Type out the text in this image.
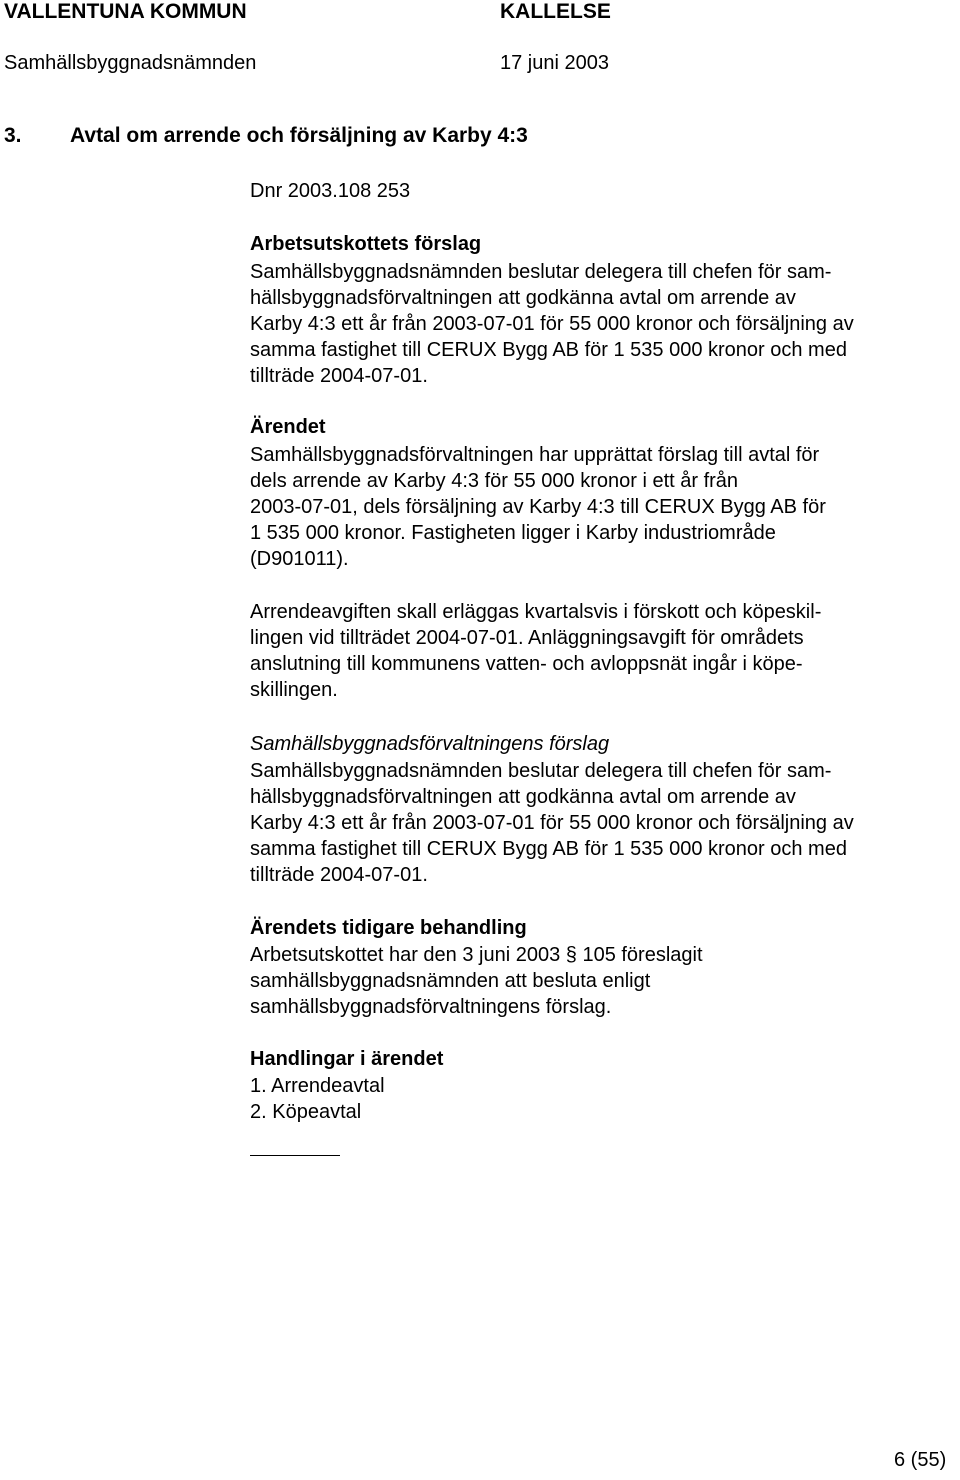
VALLENTUNA KOMMUN	KALLELSE
Samhällsbyggnadsnämnden	17 juni 2003
3. Avtal om arrende och försäljning av Karby 4:3
Dnr 2003.108 253
Arbetsutskottets förslag
Samhällsbyggnadsnämnden beslutar delegera till chefen för sam-
hällsbyggnadsförvaltningen att godkänna avtal om arrende av
Karby 4:3 ett år från 2003-07-01 för 55 000 kronor och försäljning av
samma fastighet till CERUX Bygg AB för 1 535 000 kronor och med
tillträde 2004-07-01.
Ärendet
Samhällsbyggnadsförvaltningen har upprättat förslag till avtal för
dels arrende av Karby 4:3 för 55 000 kronor i ett år från
2003-07-01, dels försäljning av Karby 4:3 till CERUX Bygg AB för
1 535 000 kronor. Fastigheten ligger i Karby industriområde
(D901011).
Arrendeavgiften skall erläggas kvartalsvis i förskott och köpeskil-
lingen vid tillträdet 2004-07-01. Anläggningsavgift för områdets
anslutning till kommunens vatten- och avloppsnät ingår i köpe-
skillingen.
Samhällsbyggnadsförvaltningens förslag
Samhällsbyggnadsnämnden beslutar delegera till chefen för sam-
hällsbyggnadsförvaltningen att godkänna avtal om arrende av
Karby 4:3 ett år från 2003-07-01 för 55 000 kronor och försäljning av
samma fastighet till CERUX Bygg AB för 1 535 000 kronor och med
tillträde 2004-07-01.
Ärendets tidigare behandling
Arbetsutskottet har den 3 juni 2003 § 105 föreslagit
samhällsbyggnadsnämnden att besluta enligt
samhällsbyggnadsförvaltningens förslag.
Handlingar i ärendet
1. Arrendeavtal
2. Köpeavtal
6 (55)
